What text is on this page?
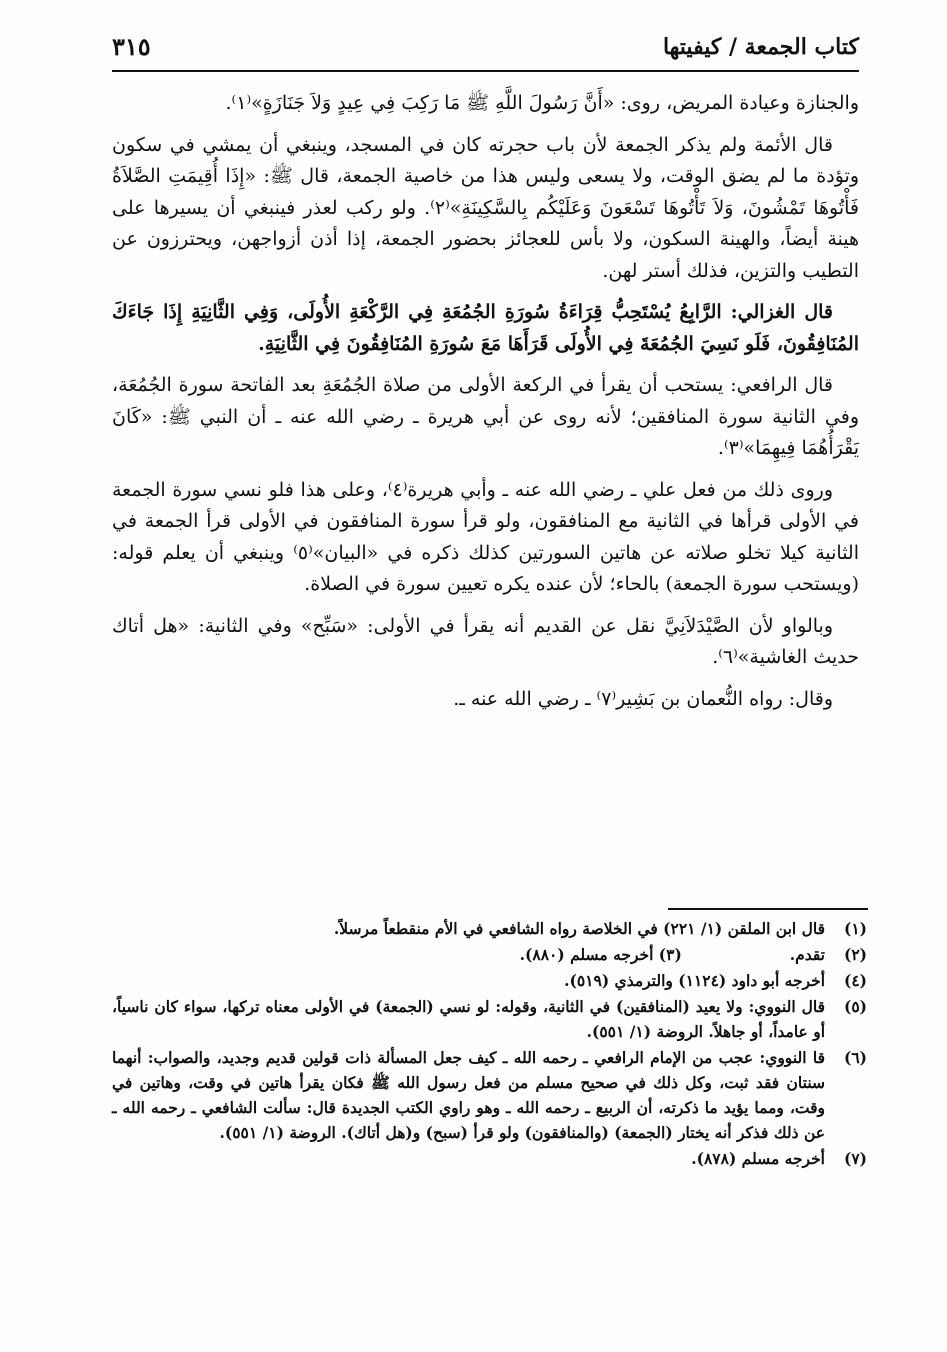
كتاب الجمعة / كيفيتها
٣١٥

والجنازة وعيادة المريض، روى: «أَنَّ رَسُولَ اللَّهِ ﷺ مَا رَكِبَ فِي عِيدٍ وَلاَ جَنَازَةٍ»⁽١⁾.

قال الأئمة ولم يذكر الجمعة لأن باب حجرته كان في المسجد، وينبغي أن يمشي في سكون وتؤدة ما لم يضق الوقت، ولا يسعى وليس هذا من خاصية الجمعة، قال ﷺ: «إِذَا أُقِيمَتِ الصَّلاَةُ فَأْتُوهَا تَمْشُونَ، وَلاَ تَأْتُوهَا تَسْعَونَ وَعَلَيْكُم بِالسَّكِينَةِ»⁽٢⁾. ولو ركب لعذر فينبغي أن يسيرها على هينة أيضاً، والهينة السكون، ولا بأس للعجائز بحضور الجمعة، إذا أذن أزواجهن، ويحترزون عن التطيب والتزين، فذلك أستر لهن.

قال الغزالي: الرَّابِعُ يُسْتَحِبُّ قِرَاءَةُ سُورَةِ الجُمُعَةِ فِي الرَّكْعَةِ الأُولَى، وَفِي الثَّانِيَةِ إِذَا جَاءَكَ المُنَافِقُونَ، فَلَو نَسِيَ الجُمُعَةَ فِي الأُولَى قَرَأَهَا مَعَ سُورَةِ المُنَافِقُونَ فِي الثَّانِيَةِ.

قال الرافعي: يستحب أن يقرأ في الركعة الأولى من صلاة الجُمُعَةِ بعد الفاتحة سورة الجُمُعَة، وفي الثانية سورة المنافقين؛ لأنه روى عن أبي هريرة ـ رضي الله عنه ـ أن النبي ﷺ: «كَانَ يَقْرَأُهُمَا فِيهِمَا»⁽٣⁾.

وروى ذلك من فعل علي ـ رضي الله عنه ـ وأبي هريرة⁽٤⁾، وعلى هذا فلو نسي سورة الجمعة في الأولى قرأها في الثانية مع المنافقون، ولو قرأ سورة المنافقون في الأولى قرأ الجمعة في الثانية كيلا تخلو صلاته عن هاتين السورتين كذلك ذكره في «البيان»⁽٥⁾ وينبغي أن يعلم قوله: (ويستحب سورة الجمعة) بالحاء؛ لأن عنده يكره تعيين سورة في الصلاة.

وبالواو لأن الصَّيْدَلاَنِيَّ نقل عن القديم أنه يقرأ في الأولى: «سَبِّح» وفي الثانية: «هل أتاك حديث الغاشية»⁽٦⁾.

وقال: رواه النُّعمان بن بَشِير⁽٧⁾ ـ رضي الله عنه ـ.

(١)
قال ابن الملقن (١/ ٢٢١) في الخلاصة رواه الشافعي في الأم منقطعاً مرسلاً.
(٢)
تقدم.                    (٣) أخرجه مسلم (٨٨٠).
(٤)
أخرجه أبو داود (١١٢٤) والترمذي (٥١٩).
(٥)
قال النووي: ولا يعيد (المنافقين) في الثانية، وقوله: لو نسي (الجمعة) في الأولى معناه تركها، سواء كان ناسياً، أو عامداً، أو جاهلاً. الروضة (١/ ٥٥١).
(٦)
قا النووي: عجب من الإمام الرافعي ـ رحمه الله ـ كيف جعل المسألة ذات قولين قديم وجديد، والصواب: أنهما سنتان فقد ثبت، وكل ذلك في صحيح مسلم من فعل رسول الله ﷺ فكان يقرأ هاتين في وقت، وهاتين في وقت، ومما يؤيد ما ذكرته، أن الربيع ـ رحمه الله ـ وهو راوي الكتب الجديدة قال: سألت الشافعي ـ رحمه الله ـ عن ذلك فذكر أنه يختار (الجمعة) (والمنافقون) ولو قرأ (سبح) و(هل أتاك). الروضة (١/ ٥٥١).
(٧)
أخرجه مسلم (٨٧٨).
